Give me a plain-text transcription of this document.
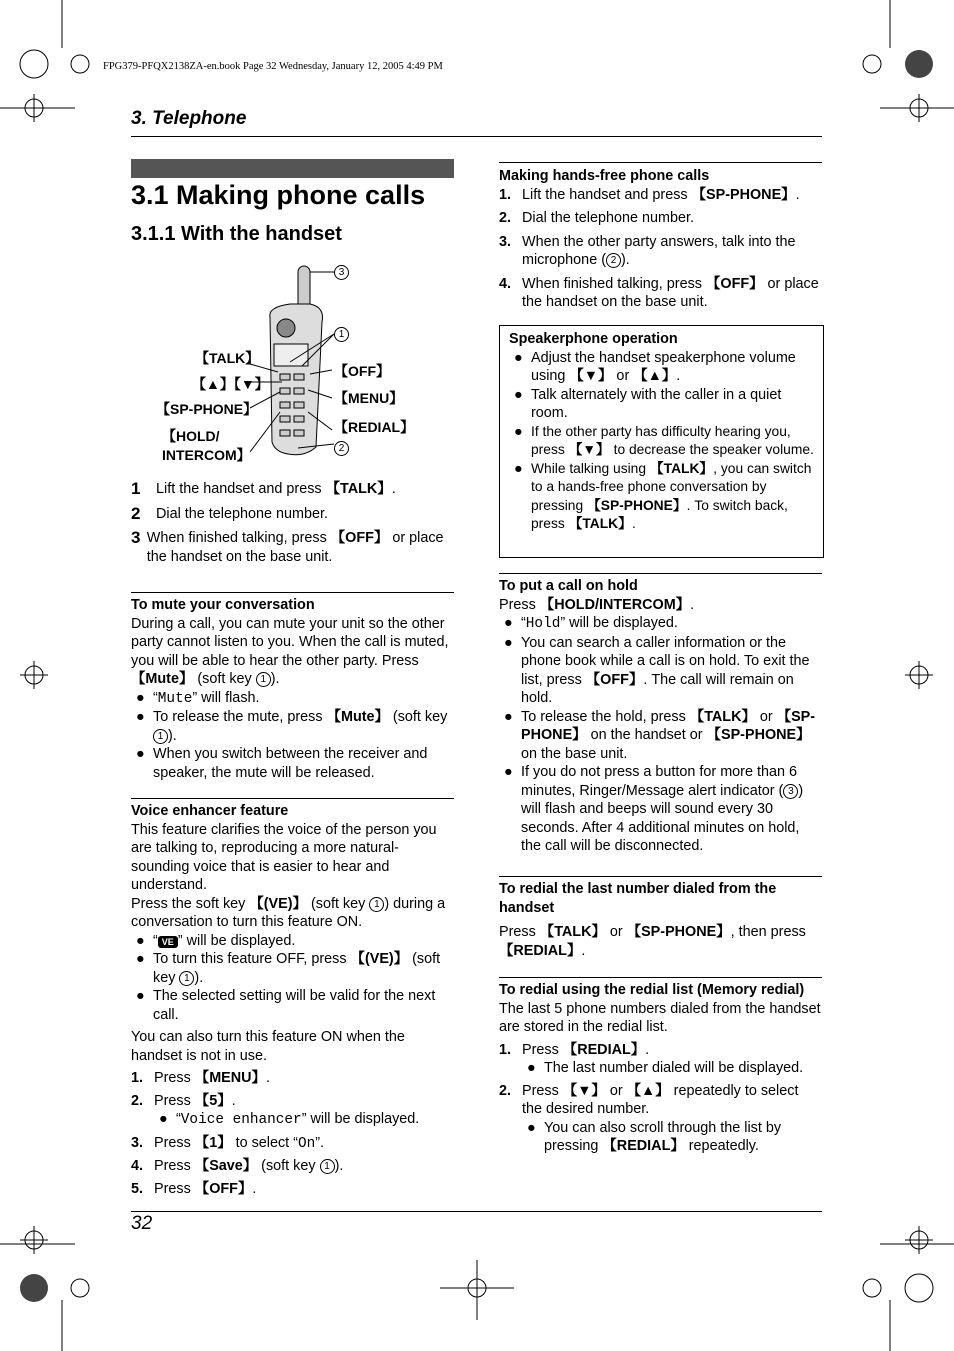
FPG379-PFQX2138ZA-en.book Page 32 Wednesday, January 12, 2005 4:49 PM
3. Telephone
3.1 Making phone calls
3.1.1 With the handset
【TALK】
【▲】【▼】
【SP-PHONE】
【HOLD/
INTERCOM】
【OFF】
【MENU】
【REDIAL】
3
1
2
1	Lift the handset and press 【TALK】.
2	Dial the telephone number.
3 When finished talking, press 【OFF】 or place the handset on the base unit.

To mute your conversation

During a call, you can mute your unit so the other party cannot listen to you. When the call is muted, you will be able to hear the other party. Press 【Mute】 (soft key 1 ).

● “Mute” will flash.
● To release the mute, press 【Mute】 (soft key 1 ).
● When you switch between the receiver and speaker, the mute will be released.

Voice enhancer feature

This feature clarifies the voice of the person you are talking to, reproducing a more natural-sounding voice that is easier to hear and understand.

Press the soft key 【(VE)】 (soft key 1 ) during a conversation to turn this feature ON.

● “ VE ” will be displayed.
● To turn this feature OFF, press 【(VE)】 (soft key 1 ).
● The selected setting will be valid for the next call.

You can also turn this feature ON when the handset is not in use.

1. Press 【MENU】.
2. Press 【5】.
● “Voice enhancer” will be displayed.
3. Press 【1】 to select “On”.
4. Press 【Save】 (soft key 1 ).
5. Press 【OFF】.

Making hands-free phone calls

1. Lift the handset and press 【SP-PHONE】.
2. Dial the telephone number.
3. When the other party answers, talk into the microphone ( 2 ).
4. When finished talking, press 【OFF】 or place the handset on the base unit.

Speakerphone operation

● Adjust the handset speakerphone volume using 【▼】 or 【▲】.
● Talk alternately with the caller in a quiet room.
● If the other party has difficulty hearing you, press 【▼】 to decrease the speaker volume.
● While talking using 【TALK】, you can switch to a hands-free phone conversation by pressing 【SP-PHONE】. To switch back, press 【TALK】.

To put a call on hold

Press 【HOLD/INTERCOM】.

● “Hold” will be displayed.
● You can search a caller information or the phone book while a call is on hold. To exit the list, press 【OFF】. The call will remain on hold.
● To release the hold, press 【TALK】 or 【SP-PHONE】 on the handset or 【SP-PHONE】 on the base unit.
● If you do not press a button for more than 6 minutes, Ringer/Message alert indicator ( 3 ) will flash and beeps will sound every 30 seconds. After 4 additional minutes on hold, the call will be disconnected.

To redial the last number dialed from the handset

Press 【TALK】 or 【SP-PHONE】, then press 【REDIAL】.

To redial using the redial list (Memory redial)

The last 5 phone numbers dialed from the handset are stored in the redial list.

1. Press 【REDIAL】.
● The last number dialed will be displayed.
2. Press 【▼】 or 【▲】 repeatedly to select the desired number.
● You can also scroll through the list by pressing 【REDIAL】 repeatedly.
32
